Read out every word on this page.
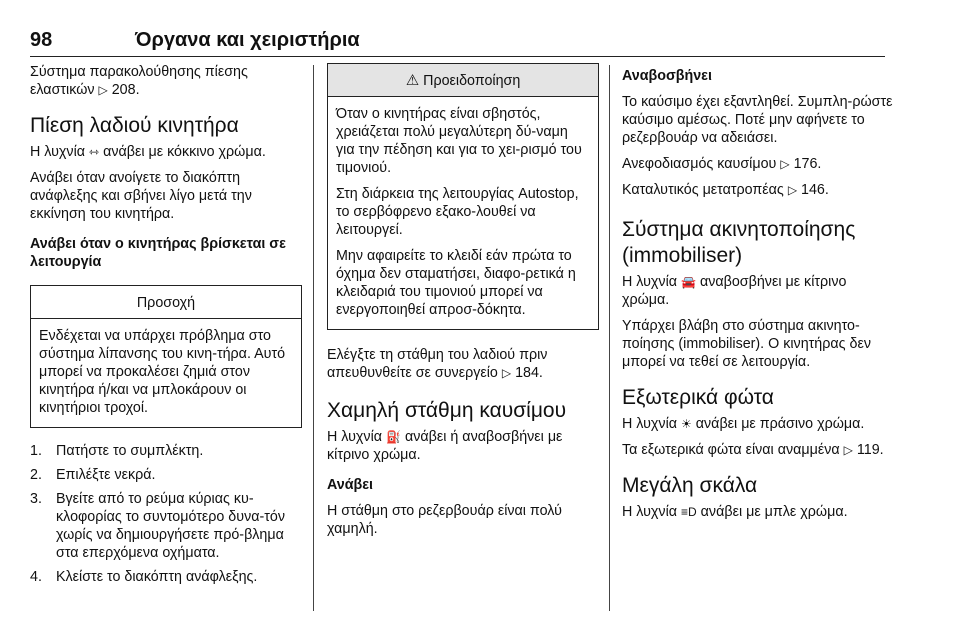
98	Όργανα και χειριστήρια

Σύστημα παρακολούθησης πίεσης ελαστικών ▷ 208.

Πίεση λαδιού κινητήρα

Η λυχνία ⇿ ανάβει με κόκκινο χρώμα.

Ανάβει όταν ανοίγετε το διακόπτη ανάφλεξης και σβήνει λίγο μετά την εκκίνηση του κινητήρα.

Ανάβει όταν ο κινητήρας βρίσκεται σε λειτουργία
Προσοχή

Ενδέχεται να υπάρχει πρόβλημα στο σύστημα λίπανσης του κινη-τήρα. Αυτό μπορεί να προκαλέσει ζημιά στον κινητήρα ή/και να μπλοκάρουν οι κινητήριοι τροχοί.

1. Πατήστε το συμπλέκτη.
2. Επιλέξτε νεκρά.
3. Βγείτε από το ρεύμα κύριας κυ-κλοφορίας το συντομότερο δυνα-τόν χωρίς να δημιουργήσετε πρό-βλημα στα επερχόμενα οχήματα.
4. Κλείστε το διακόπτη ανάφλεξης.
⚠ Προειδοποίηση

Όταν ο κινητήρας είναι σβηστός, χρειάζεται πολύ μεγαλύτερη δύ-ναμη για την πέδηση και για το χει-ρισμό του τιμονιού.

Στη διάρκεια της λειτουργίας Autostop, το σερβόφρενο εξακο-λουθεί να λειτουργεί.

Μην αφαιρείτε το κλειδί εάν πρώτα το όχημα δεν σταματήσει, διαφο-ρετικά η κλειδαριά του τιμονιού μπορεί να ενεργοποιηθεί απροσ-δόκητα.

Ελέγξτε τη στάθμη του λαδιού πριν απευθυνθείτε σε συνεργείο ▷ 184.

Χαμηλή στάθμη καυσίμου

Η λυχνία ⛽ ανάβει ή αναβοσβήνει με κίτρινο χρώμα.

Ανάβει

Η στάθμη στο ρεζερβουάρ είναι πολύ χαμηλή.

Αναβοσβήνει

Το καύσιμο έχει εξαντληθεί. Συμπλη-ρώστε καύσιμο αμέσως. Ποτέ μην αφήνετε το ρεζερβουάρ να αδειάσει.

Ανεφοδιασμός καυσίμου ▷ 176.

Καταλυτικός μετατροπέας ▷ 146.

Σύστημα ακινητοποίησης (immobiliser)

Η λυχνία 🚘 αναβοσβήνει με κίτρινο χρώμα.

Υπάρχει βλάβη στο σύστημα ακινητο-ποίησης (immobiliser). Ο κινητήρας δεν μπορεί να τεθεί σε λειτουργία.

Εξωτερικά φώτα

Η λυχνία ☀ ανάβει με πράσινο χρώμα.

Τα εξωτερικά φώτα είναι αναμμένα ▷ 119.

Μεγάλη σκάλα

Η λυχνία ≡D ανάβει με μπλε χρώμα.
